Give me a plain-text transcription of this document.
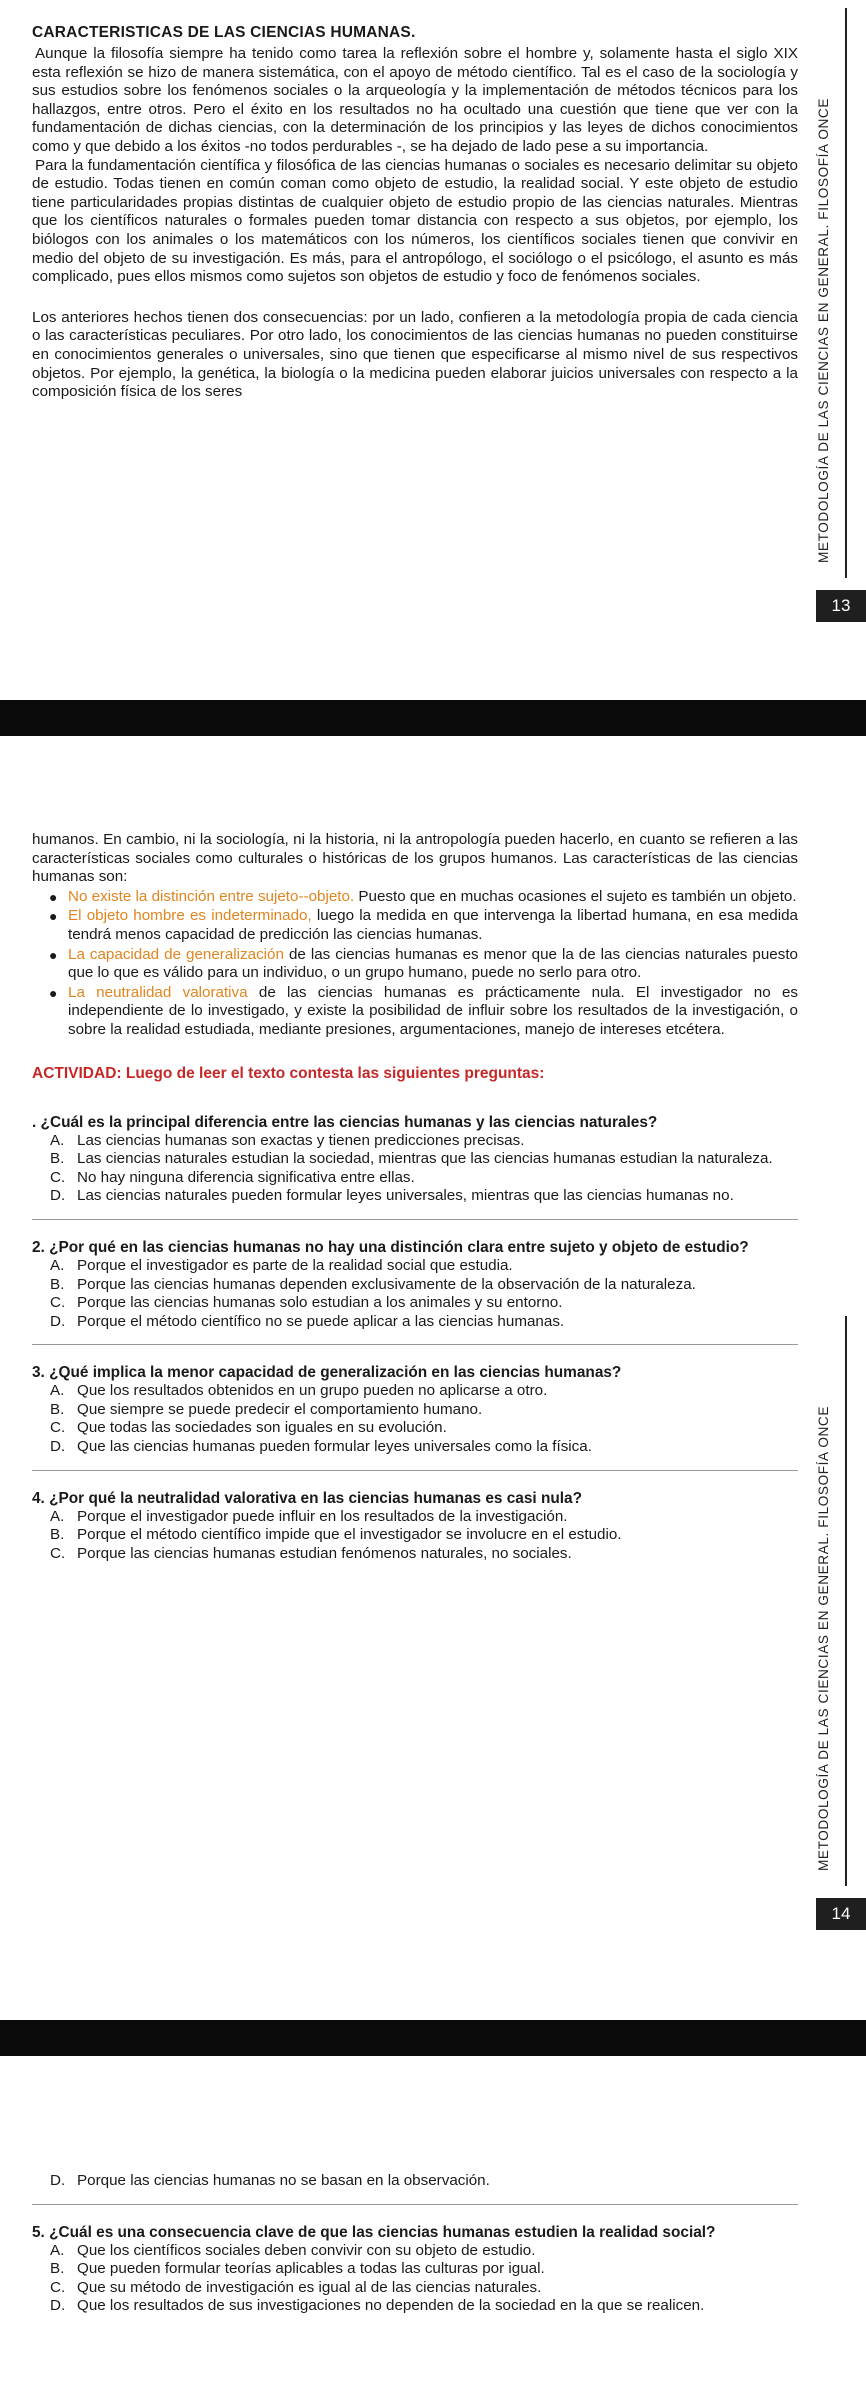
CARACTERISTICAS DE LAS CIENCIAS HUMANAS.

Aunque la filosofía siempre ha tenido como tarea la reflexión sobre el hombre y, solamente hasta el siglo XIX esta reflexión se hizo de manera sistemática, con el apoyo de método científico. Tal es el caso de la sociología y sus estudios sobre los fenómenos sociales o la arqueología y la implementación de métodos técnicos para los hallazgos, entre otros. Pero el éxito en los resultados no ha ocultado una cuestión que tiene que ver con la fundamentación de dichas ciencias, con la determinación de los principios y las leyes de dichos conocimientos como y que debido a los éxitos -no todos perdurables -, se ha dejado de lado pese a su importancia.

Para la fundamentación científica y filosófica de las ciencias humanas o sociales es necesario delimitar su objeto de estudio. Todas tienen en común coman como objeto de estudio, la realidad social. Y este objeto de estudio tiene particularidades propias distintas de cualquier objeto de estudio propio de las ciencias naturales. Mientras que los científicos naturales o formales pueden tomar distancia con respecto a sus objetos, por ejemplo, los biólogos con los animales o los matemáticos con los números, los científicos sociales tienen que convivir en medio del objeto de su investigación. Es más, para el antropólogo, el sociólogo o el psicólogo, el asunto es más complicado, pues ellos mismos como sujetos son objetos de estudio y foco de fenómenos sociales.

Los anteriores hechos tienen dos consecuencias: por un lado, confieren a la metodología propia de cada ciencia o las características peculiares. Por otro lado, los conocimientos de las ciencias humanas no pueden constituirse en conocimientos generales o universales, sino que tienen que especificarse al mismo nivel de sus respectivos objetos. Por ejemplo, la genética, la biología o la medicina pueden elaborar juicios universales con respecto a la composición física de los seres	METODOLOGÍA DE LAS CIENCIAS EN GENERAL. FILOSOFÍA ONCE
13

humanos. En cambio, ni la sociología, ni la historia, ni la antropología pueden hacerlo, en cuanto se refieren a las características sociales como culturales o históricas de los grupos humanos. Las características de las ciencias humanas son:

● No existe la distinción entre sujeto--objeto. Puesto que en muchas ocasiones el sujeto es también un objeto.
● El objeto hombre es indeterminado, luego la medida en que intervenga la libertad humana, en esa medida tendrá menos capacidad de predicción las ciencias humanas.
● La capacidad de generalización de las ciencias humanas es menor que la de las ciencias naturales puesto que lo que es válido para un individuo, o un grupo humano, puede no serlo para otro.
● La neutralidad valorativa de las ciencias humanas es prácticamente nula. El investigador no es independiente de lo investigado, y existe la posibilidad de influir sobre los resultados de la investigación, o sobre la realidad estudiada, mediante presiones, argumentaciones, manejo de intereses etcétera.
ACTIVIDAD: Luego de leer el texto contesta las siguientes preguntas:
. ¿Cuál es la principal diferencia entre las ciencias humanas y las ciencias naturales?
A. Las ciencias humanas son exactas y tienen predicciones precisas.
B. Las ciencias naturales estudian la sociedad, mientras que las ciencias humanas estudian la naturaleza.
C. No hay ninguna diferencia significativa entre ellas.
D. Las ciencias naturales pueden formular leyes universales, mientras que las ciencias humanas no.
2. ¿Por qué en las ciencias humanas no hay una distinción clara entre sujeto y objeto de estudio?
A. Porque el investigador es parte de la realidad social que estudia.
B. Porque las ciencias humanas dependen exclusivamente de la observación de la naturaleza.
C. Porque las ciencias humanas solo estudian a los animales y su entorno.
D. Porque el método científico no se puede aplicar a las ciencias humanas.
3. ¿Qué implica la menor capacidad de generalización en las ciencias humanas?
A. Que los resultados obtenidos en un grupo pueden no aplicarse a otro.
B. Que siempre se puede predecir el comportamiento humano.
C. Que todas las sociedades son iguales en su evolución.
D. Que las ciencias humanas pueden formular leyes universales como la física.
4. ¿Por qué la neutralidad valorativa en las ciencias humanas es casi nula?
A. Porque el investigador puede influir en los resultados de la investigación.
B. Porque el método científico impide que el investigador se involucre en el estudio.
C. Porque las ciencias humanas estudian fenómenos naturales, no sociales.	METODOLOGÍA DE LAS CIENCIAS EN GENERAL. FILOSOFÍA ONCE
14
D. Porque las ciencias humanas no se basan en la observación.
5. ¿Cuál es una consecuencia clave de que las ciencias humanas estudien la realidad social?
A. Que los científicos sociales deben convivir con su objeto de estudio.
B. Que pueden formular teorías aplicables a todas las culturas por igual.
C. Que su método de investigación es igual al de las ciencias naturales.
D. Que los resultados de sus investigaciones no dependen de la sociedad en la que se realicen.
